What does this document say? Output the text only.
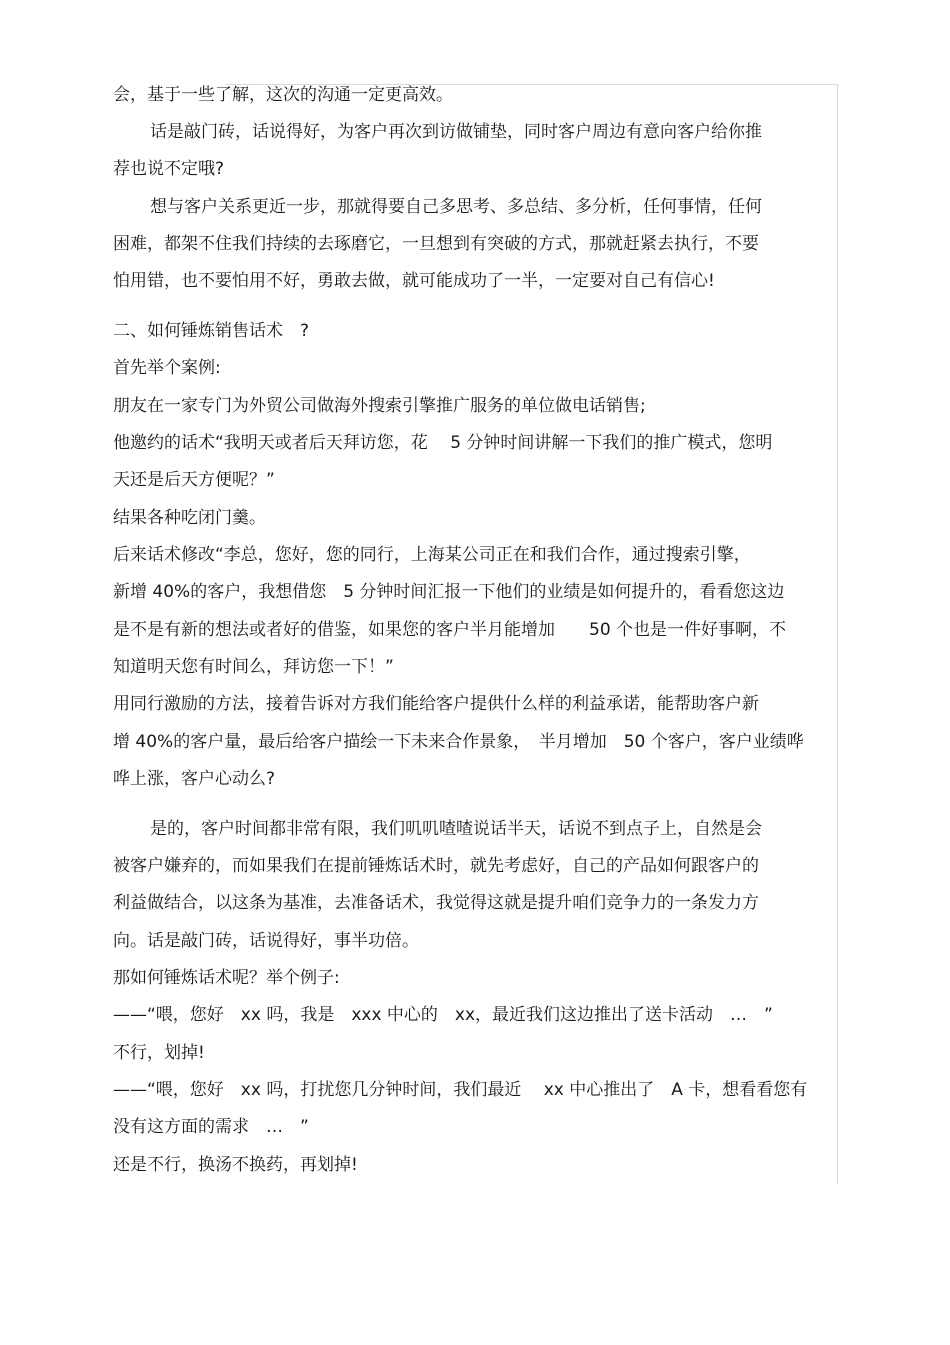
会，基于一些了解，这次的沟通一定更高效。

话是敲门砖，话说得好，为客户再次到访做铺垫，同时客户周边有意向客户给你推

荐也说不定哦?

想与客户关系更近一步，那就得要自己多思考、多总结、多分析，任何事情，任何

困难，都架不住我们持续的去琢磨它，一旦想到有突破的方式，那就赶紧去执行，不要

怕用错，也不要怕用不好，勇敢去做，就可能成功了一半，一定要对自己有信心!

二、如何锤炼销售话术　?

首先举个案例:

朋友在一家专门为外贸公司做海外搜索引擎推广服务的单位做电话销售;

他邀约的话术“我明天或者后天拜访您，花　 5 分钟时间讲解一下我们的推广模式，您明

天还是后天方便呢？”

结果各种吃闭门羹。

后来话术修改“李总，您好，您的同行，上海某公司正在和我们合作，通过搜索引擎，

新增 40%的客户，我想借您　5 分钟时间汇报一下他们的业绩是如何提升的，看看您这边

是不是有新的想法或者好的借鉴，如果您的客户半月能增加　　50 个也是一件好事啊，不

知道明天您有时间么，拜访您一下！”

用同行激励的方法，接着告诉对方我们能给客户提供什么样的利益承诺，能帮助客户新

增 40%的客户量，最后给客户描绘一下未来合作景象，　半月增加　50 个客户，客户业绩哗

哗上涨，客户心动么?

是的，客户时间都非常有限，我们叽叽喳喳说话半天，话说不到点子上，自然是会

被客户嫌弃的，而如果我们在提前锤炼话术时，就先考虑好，自己的产品如何跟客户的

利益做结合，以这条为基准，去准备话术，我觉得这就是提升咱们竞争力的一条发力方

向。话是敲门砖，话说得好，事半功倍。

那如何锤炼话术呢？举个例子:

——“喂，您好　xx 吗，我是　xxx 中心的　xx，最近我们这边推出了送卡活动　…　”

不行，划掉!

——“喂，您好　xx 吗，打扰您几分钟时间，我们最近　 xx 中心推出了　A 卡，想看看您有

没有这方面的需求　…　”

还是不行，换汤不换药，再划掉!
